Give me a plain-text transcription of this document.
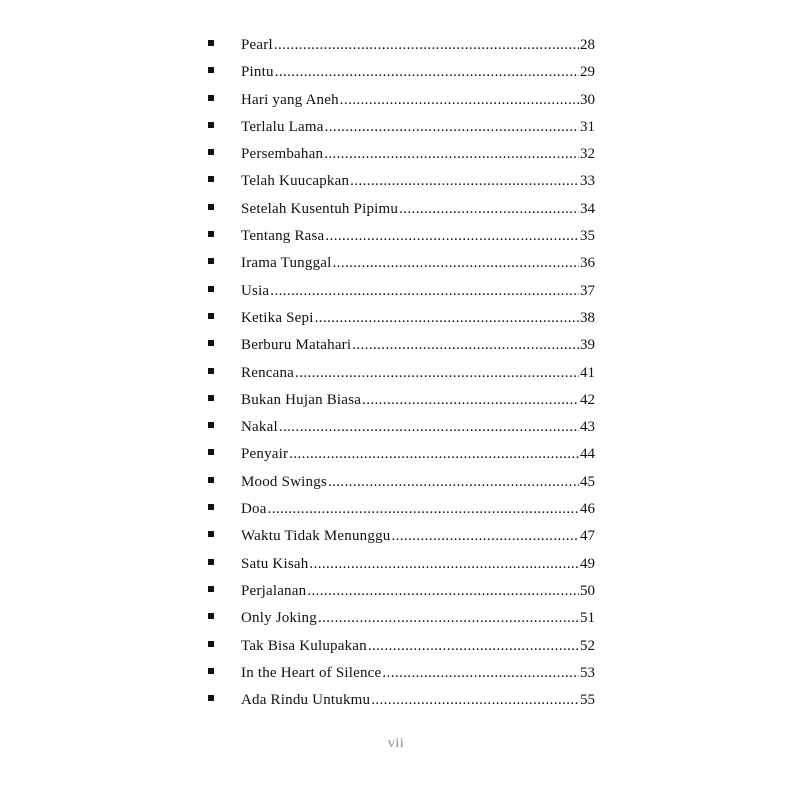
Pearl .....	28
Pintu .....	29
Hari yang Aneh .....	30
Terlalu Lama .....	31
Persembahan .....	32
Telah Kuucapkan .....	33
Setelah Kusentuh Pipimu .....	34
Tentang Rasa .....	35
Irama Tunggal .....	36
Usia .....	37
Ketika Sepi .....	38
Berburu Matahari .....	39
Rencana .....	41
Bukan Hujan Biasa .....	42
Nakal .....	43
Penyair .....	44
Mood Swings .....	45
Doa .....	46
Waktu Tidak Menunggu .....	47
Satu Kisah .....	49
Perjalanan .....	50
Only Joking .....	51
Tak Bisa Kulupakan .....	52
In the Heart of Silence .....	53
Ada Rindu Untukmu .....	55
vii
